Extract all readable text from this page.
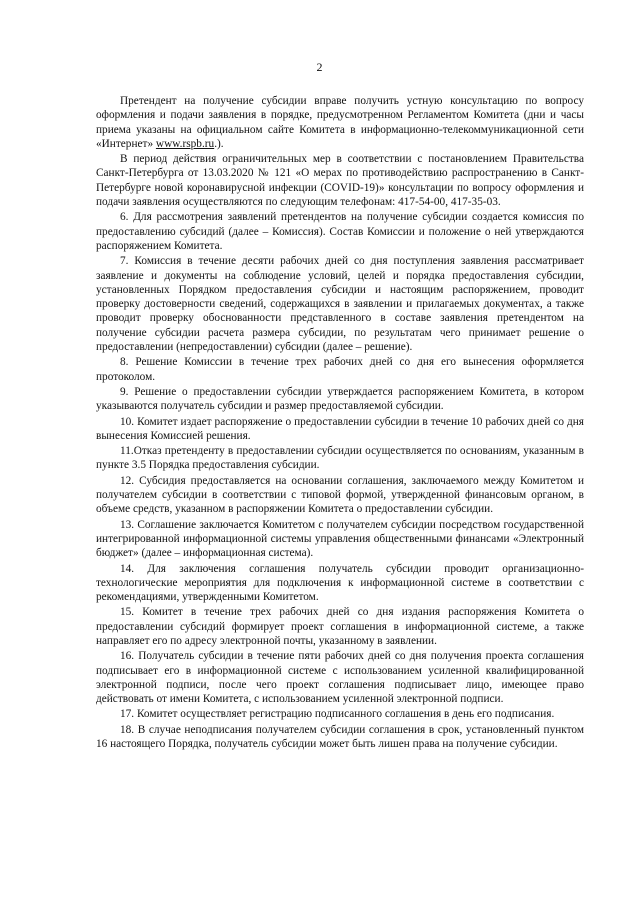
2

Претендент на получение субсидии вправе получить устную консультацию по вопросу оформления и подачи заявления в порядке, предусмотренном Регламентом Комитета (дни и часы приема указаны на официальном сайте Комитета в информационно-телекоммуникационной сети «Интернет» www.rspb.ru.).

В период действия ограничительных мер в соответствии с постановлением Правительства Санкт-Петербурга от 13.03.2020 № 121 «О мерах по противодействию распространению в Санкт-Петербурге новой коронавирусной инфекции (COVID-19)» консультации по вопросу оформления и подачи заявления осуществляются по следующим телефонам: 417-54-00, 417-35-03.

6. Для рассмотрения заявлений претендентов на получение субсидии создается комиссия по предоставлению субсидий (далее – Комиссия). Состав Комиссии и положение о ней утверждаются распоряжением Комитета.

7. Комиссия в течение десяти рабочих дней со дня поступления заявления рассматривает заявление и документы на соблюдение условий, целей и порядка предоставления субсидии, установленных Порядком предоставления субсидии и настоящим распоряжением, проводит проверку достоверности сведений, содержащихся в заявлении и прилагаемых документах, а также проводит проверку обоснованности представленного в составе заявления претендентом на получение субсидии расчета размера субсидии, по результатам чего принимает решение о предоставлении (непредоставлении) субсидии (далее – решение).

8. Решение Комиссии в течение трех рабочих дней со дня его вынесения оформляется протоколом.

9. Решение о предоставлении субсидии утверждается распоряжением Комитета, в котором указываются получатель субсидии и размер предоставляемой субсидии.

10. Комитет издает распоряжение о предоставлении субсидии в течение 10 рабочих дней со дня вынесения Комиссией решения.

11.Отказ претенденту в предоставлении субсидии осуществляется по основаниям, указанным в пункте 3.5 Порядка предоставления субсидии.

12. Субсидия предоставляется на основании соглашения, заключаемого между Комитетом и получателем субсидии в соответствии с типовой формой, утвержденной финансовым органом, в объеме средств, указанном в распоряжении Комитета о предоставлении субсидии.

13. Соглашение заключается Комитетом с получателем субсидии посредством государственной интегрированной информационной системы управления общественными финансами «Электронный бюджет» (далее – информационная система).

14. Для заключения соглашения получатель субсидии проводит организационно-технологические мероприятия для подключения к информационной системе в соответствии с рекомендациями, утвержденными Комитетом.

15. Комитет в течение трех рабочих дней со дня издания распоряжения Комитета о предоставлении субсидий формирует проект соглашения в информационной системе, а также направляет его по адресу электронной почты, указанному в заявлении.

16. Получатель субсидии в течение пяти рабочих дней со дня получения проекта соглашения подписывает его в информационной системе с использованием усиленной квалифицированной электронной подписи, после чего проект соглашения подписывает лицо, имеющее право действовать от имени Комитета, с использованием усиленной электронной подписи.

17. Комитет осуществляет регистрацию подписанного соглашения в день его подписания.

18. В случае неподписания получателем субсидии соглашения в срок, установленный пунктом 16 настоящего Порядка, получатель субсидии может быть лишен права на получение субсидии.
